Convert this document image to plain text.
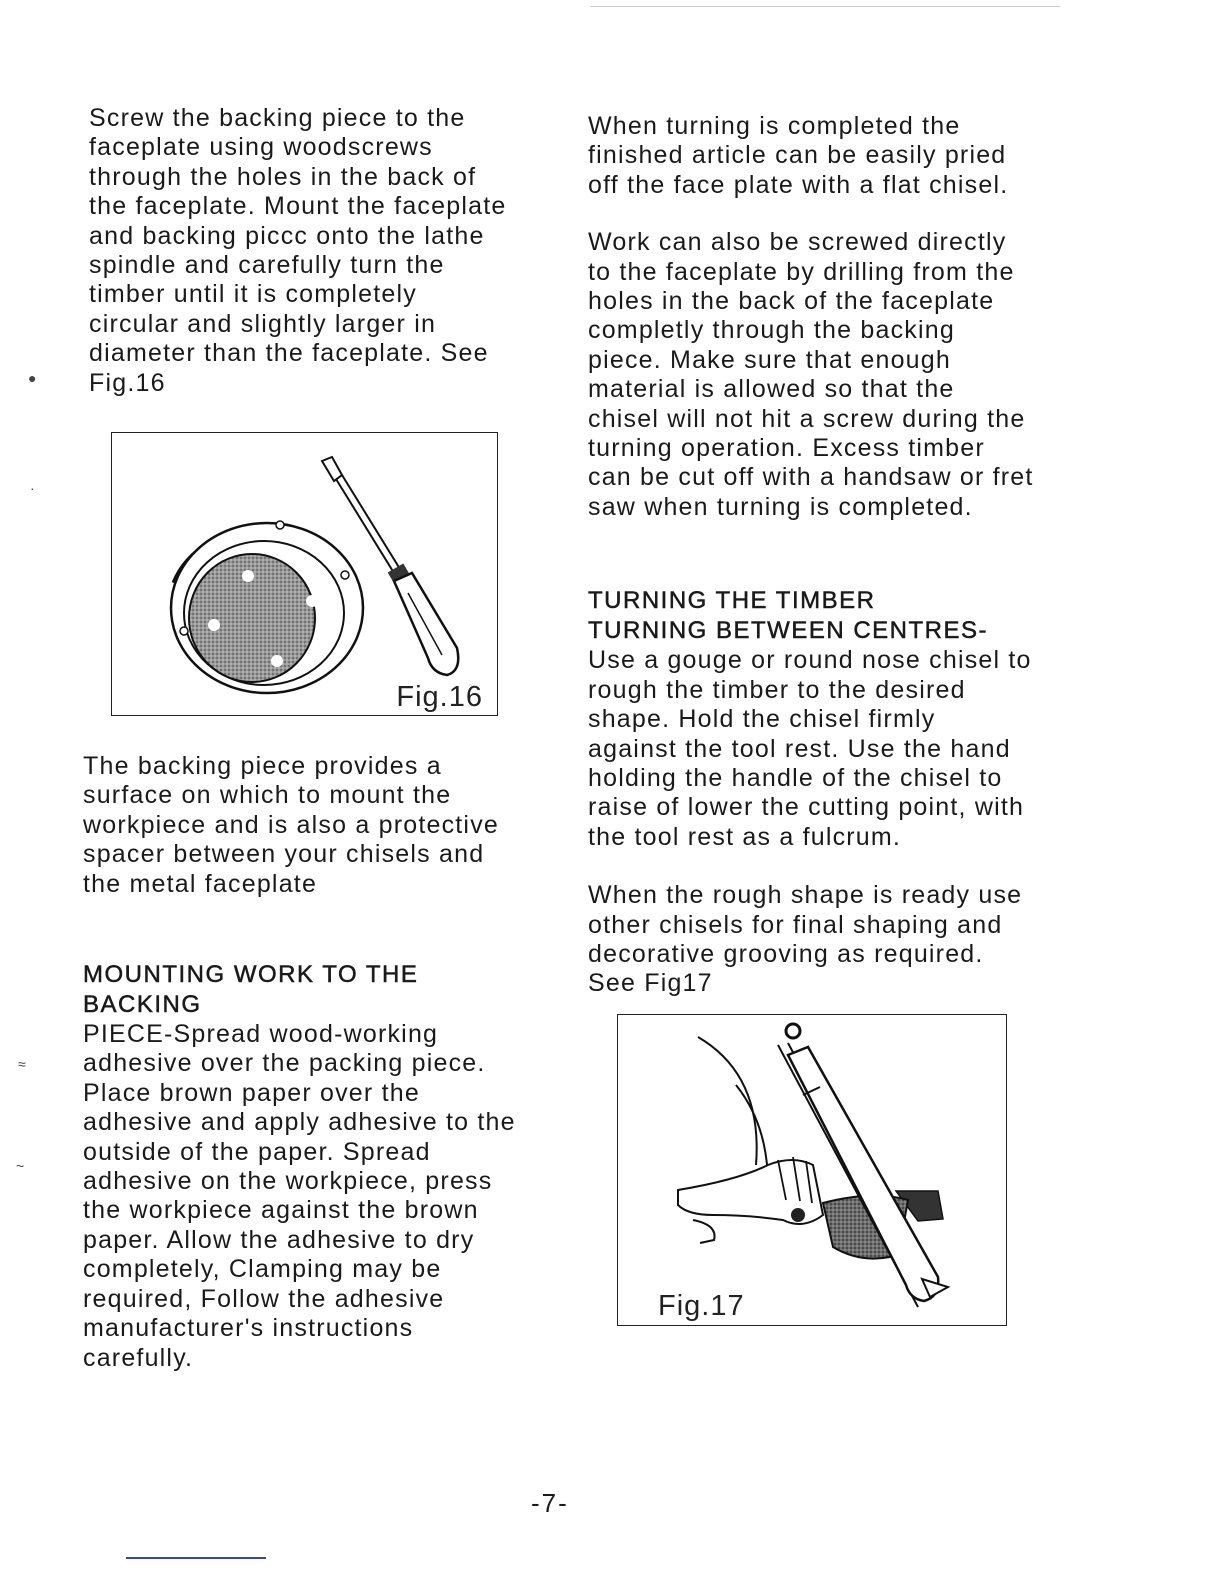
Screw the backing piece to the
faceplate using woodscrews
through the holes in the back of
the faceplate. Mount the faceplate
and backing piccc onto the lathe
spindle and carefully turn the
timber until it is completely
circular and slightly larger in
diameter than the faceplate. See
Fig.16

Fig.16

The backing piece provides a
surface on which to mount the
workpiece and is also a protective
spacer between your chisels and
the metal faceplate

MOUNTING WORK TO THE
BACKING

PIECE-Spread wood-working
adhesive over the packing piece.
Place brown paper over the
adhesive and apply adhesive to the
outside of the paper. Spread
adhesive on the workpiece, press
the workpiece against the brown
paper. Allow the adhesive to dry
completely, Clamping may be
required, Follow the adhesive
manufacturer's instructions
carefully.

When turning is completed the
finished article can be easily pried
off the face plate with a flat chisel.

Work can also be screwed directly
to the faceplate by drilling from the
holes in the back of the faceplate
completly through the backing
piece. Make sure that enough
material is allowed so that the
chisel will not hit a screw during the
turning operation. Excess timber
can be cut off with a handsaw or fret
saw when turning is completed.

TURNING THE TIMBER
TURNING BETWEEN CENTRES-

Use a gouge or round nose chisel to
rough the timber to the desired
shape. Hold the chisel firmly
against the tool rest. Use the hand
holding the handle of the chisel to
raise of lower the cutting point, with
the tool rest as a fulcrum.

When the rough shape is ready use
other chisels for final shaping and
decorative grooving as required.
See Fig17

Fig.17
●
·
≈
~
-7-
